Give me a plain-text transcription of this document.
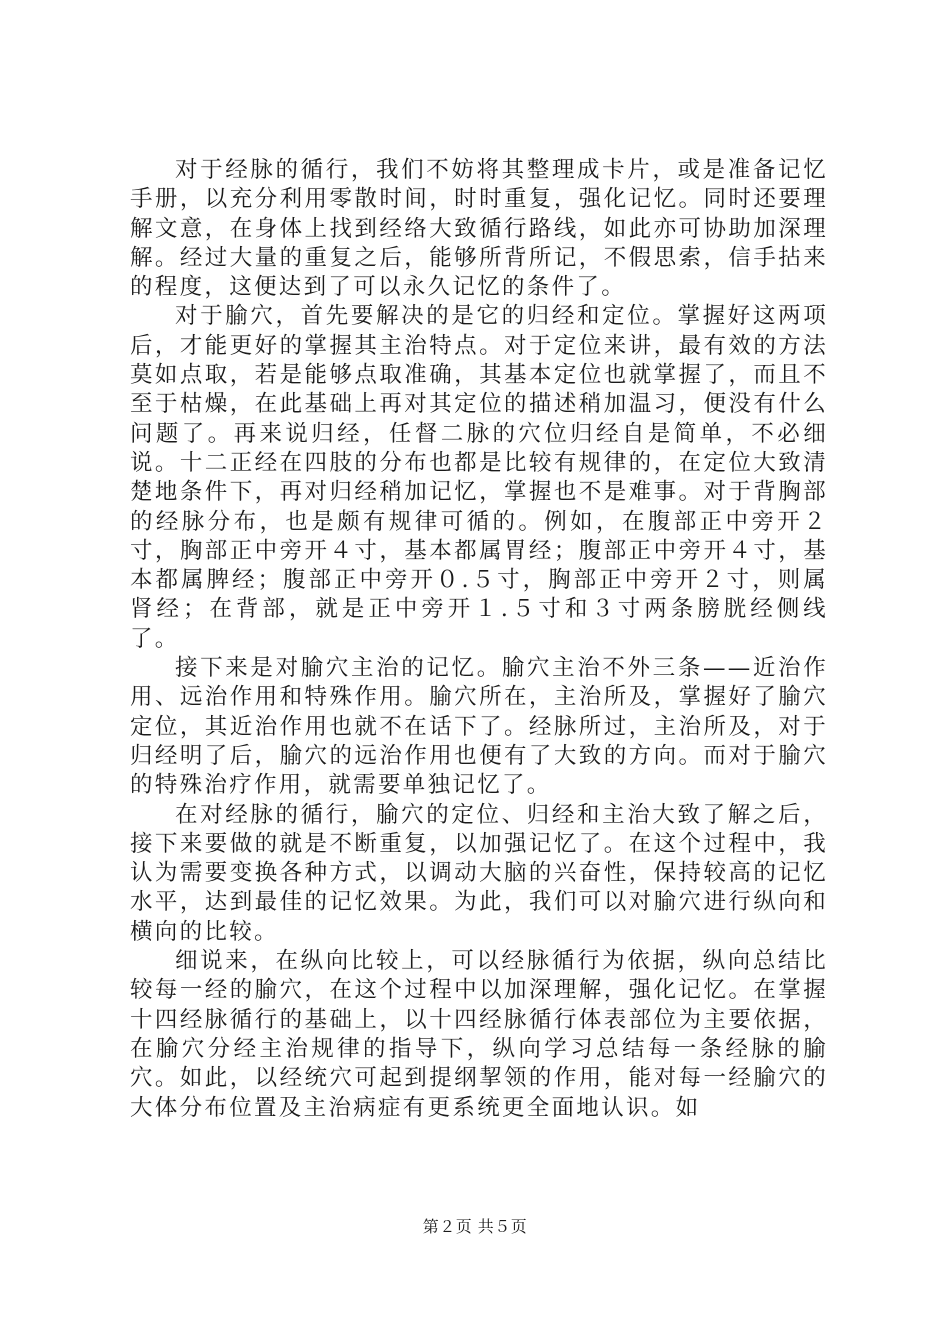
对于经脉的循行，我们不妨将其整理成卡片，或是准备记忆手册，以充分利用零散时间，时时重复，强化记忆。同时还要理解文意，在身体上找到经络大致循行路线，如此亦可协助加深理解。经过大量的重复之后，能够所背所记，不假思索，信手拈来的程度，这便达到了可以永久记忆的条件了。

对于腧穴，首先要解决的是它的归经和定位。掌握好这两项后，才能更好的掌握其主治特点。对于定位来讲，最有效的方法莫如点取，若是能够点取准确，其基本定位也就掌握了，而且不至于枯燥，在此基础上再对其定位的描述稍加温习，便没有什么问题了。再来说归经，任督二脉的穴位归经自是简单，不必细说。十二正经在四肢的分布也都是比较有规律的，在定位大致清楚地条件下，再对归经稍加记忆，掌握也不是难事。对于背胸部的经脉分布，也是颇有规律可循的。例如，在腹部正中旁开２寸，胸部正中旁开４寸，基本都属胃经；腹部正中旁开４寸，基本都属脾经；腹部正中旁开０.５寸，胸部正中旁开２寸，则属肾经；在背部，就是正中旁开１.５寸和３寸两条膀胱经侧线了。

接下来是对腧穴主治的记忆。腧穴主治不外三条——近治作用、远治作用和特殊作用。腧穴所在，主治所及，掌握好了腧穴定位，其近治作用也就不在话下了。经脉所过，主治所及，对于归经明了后，腧穴的远治作用也便有了大致的方向。而对于腧穴的特殊治疗作用，就需要单独记忆了。

在对经脉的循行，腧穴的定位、归经和主治大致了解之后，接下来要做的就是不断重复，以加强记忆了。在这个过程中，我认为需要变换各种方式，以调动大脑的兴奋性，保持较高的记忆水平，达到最佳的记忆效果。为此，我们可以对腧穴进行纵向和横向的比较。

细说来，在纵向比较上，可以经脉循行为依据，纵向总结比较每一经的腧穴，在这个过程中以加深理解，强化记忆。在掌握十四经脉循行的基础上，以十四经脉循行体表部位为主要依据，在腧穴分经主治规律的指导下，纵向学习总结每一条经脉的腧穴。如此，以经统穴可起到提纲挈领的作用，能对每一经腧穴的大体分布位置及主治病症有更系统更全面地认识。如

第２页 共５页
